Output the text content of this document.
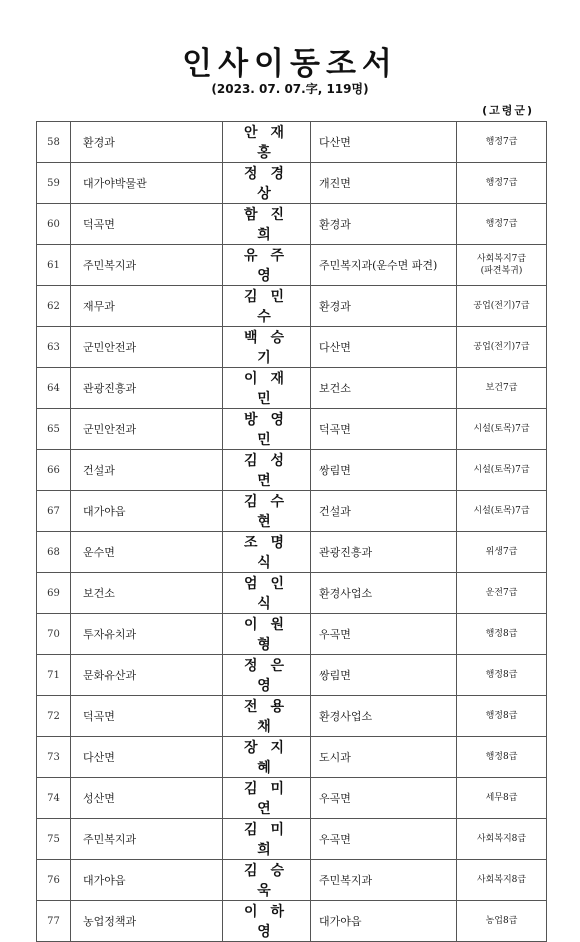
인사이동조서
(2023. 07. 07.字, 119명)
(고령군)
58	환경과	안재홍	다산면	행정7급
59	대가야박물관	정경상	개진면	행정7급
60	덕곡면	함진희	환경과	행정7급
61	주민복지과	유주영	주민복지과(운수면 파견)	사회복지7급
(파견복귀)
62	재무과	김민수	환경과	공업(전기)7급
63	군민안전과	백승기	다산면	공업(전기)7급
64	관광진흥과	이재민	보건소	보건7급
65	군민안전과	방영민	덕곡면	시설(토목)7급
66	건설과	김성면	쌍림면	시설(토목)7급
67	대가야읍	김수현	건설과	시설(토목)7급
68	운수면	조명식	관광진흥과	위생7급
69	보건소	엄인식	환경사업소	운전7급
70	투자유치과	이원형	우곡면	행정8급
71	문화유산과	정은영	쌍림면	행정8급
72	덕곡면	전용채	환경사업소	행정8급
73	다산면	장지혜	도시과	행정8급
74	성산면	김미연	우곡면	세무8급
75	주민복지과	김미희	우곡면	사회복지8급
76	대가야읍	김승욱	주민복지과	사회복지8급
77	농업정책과	이하영	대가야읍	농업8급
